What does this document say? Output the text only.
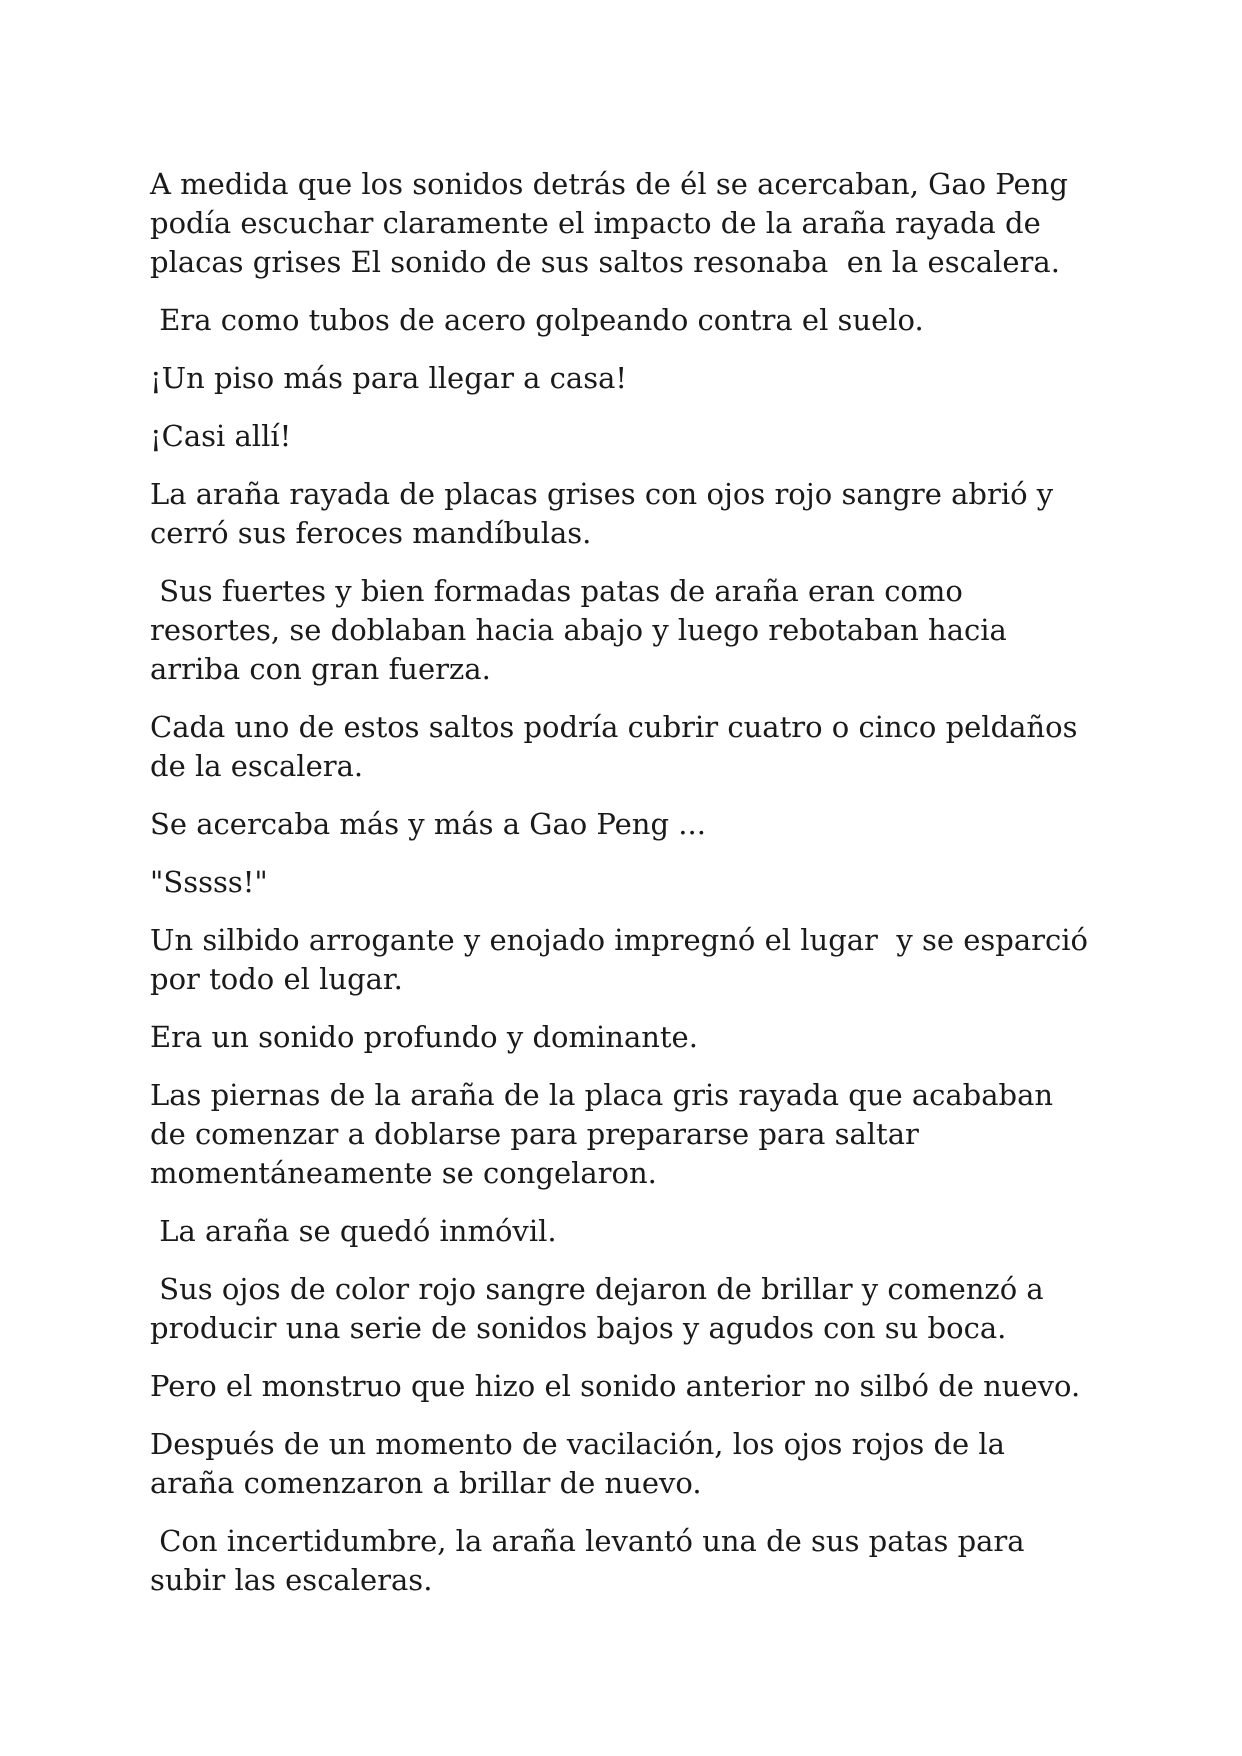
A medida que los sonidos detrás de él se acercaban, Gao Peng podía escuchar claramente el impacto de la araña rayada de placas grises El sonido de sus saltos resonaba  en la escalera.

Era como tubos de acero golpeando contra el suelo.

¡Un piso más para llegar a casa!

¡Casi allí!

La araña rayada de placas grises con ojos rojo sangre abrió y cerró sus feroces mandíbulas.

Sus fuertes y bien formadas patas de araña eran como resortes, se doblaban hacia abajo y luego rebotaban hacia arriba con gran fuerza.

Cada uno de estos saltos podría cubrir cuatro o cinco peldaños de la escalera.

Se acercaba más y más a Gao Peng ...

"Sssss!"

Un silbido arrogante y enojado impregnó el lugar  y se esparció por todo el lugar.

Era un sonido profundo y dominante.

Las piernas de la araña de la placa gris rayada que acababan de comenzar a doblarse para prepararse para saltar momentáneamente se congelaron.

La araña se quedó inmóvil.

Sus ojos de color rojo sangre dejaron de brillar y comenzó a producir una serie de sonidos bajos y agudos con su boca.

Pero el monstruo que hizo el sonido anterior no silbó de nuevo.

Después de un momento de vacilación, los ojos rojos de la araña comenzaron a brillar de nuevo.

Con incertidumbre, la araña levantó una de sus patas para subir las escaleras.
